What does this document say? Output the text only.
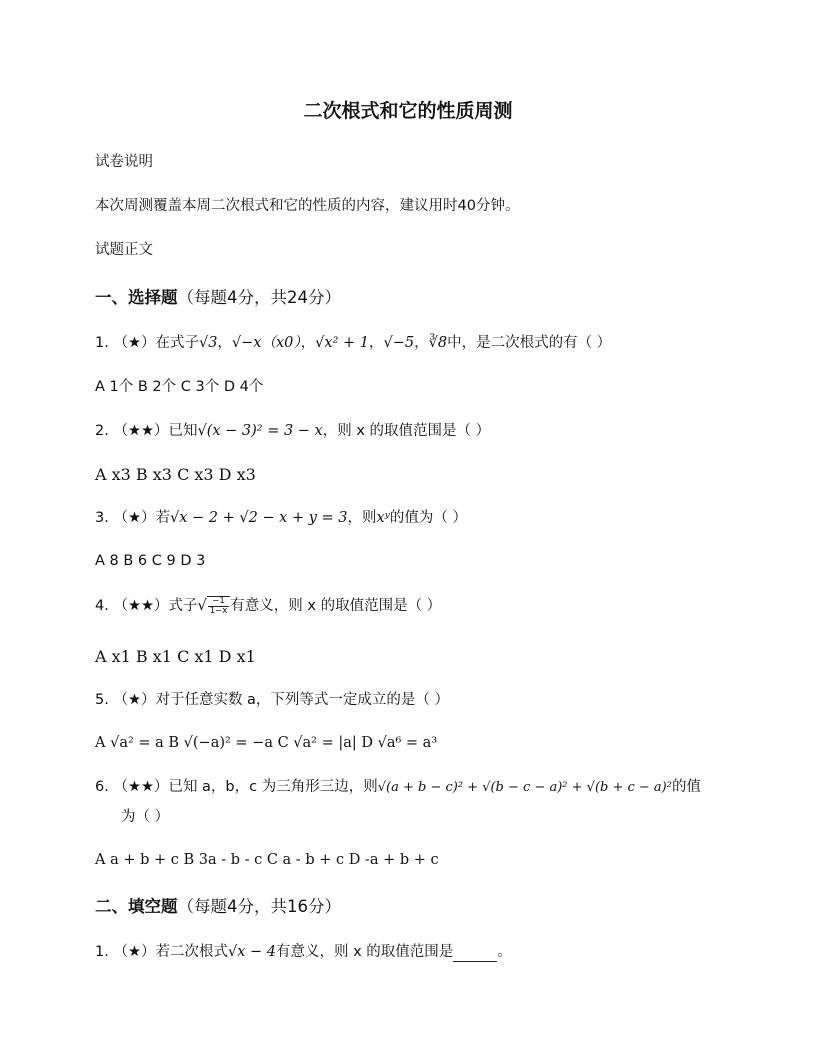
二次根式和它的性质周测
试卷说明
本次周测覆盖本周二次根式和它的性质的内容，建议用时40分钟。
试题正文
一、选择题（每题4分，共24分）
1. （★）在式子√3，√−x（x0），√x² + 1，√−5，∛8中，是二次根式的有（ ）
A 1个 B 2个 C 3个 D 4个
2. （★★）已知√(x − 3)² = 3 − x，则 x 的取值范围是（ ）
A x3 B x3 C x3 D x3
3. （★）若√x − 2 + √2 − x + y = 3，则xʸ的值为（ ）
A 8 B 6 C 9 D 3
4. （★★）式子√ $\frac{-1}{1-x}$ 有意义，则 x 的取值范围是（ ）
A x1 B x1 C x1 D x1
5. （★）对于任意实数 a，下列等式一定成立的是（ ）
A √a² = a B √(−a)² = −a C √a² = |a| D √a⁶ = a³
6. （★★）已知 a，b，c 为三角形三边，则√(a + b − c)² + √(b − c − a)² + √(b + c − a)²的值
为（ ）
A a + b + c B 3a - b - c C a - b + c D -a + b + c
二、填空题（每题4分，共16分）
1. （★）若二次根式√x − 4有意义，则 x 的取值范围是	。
